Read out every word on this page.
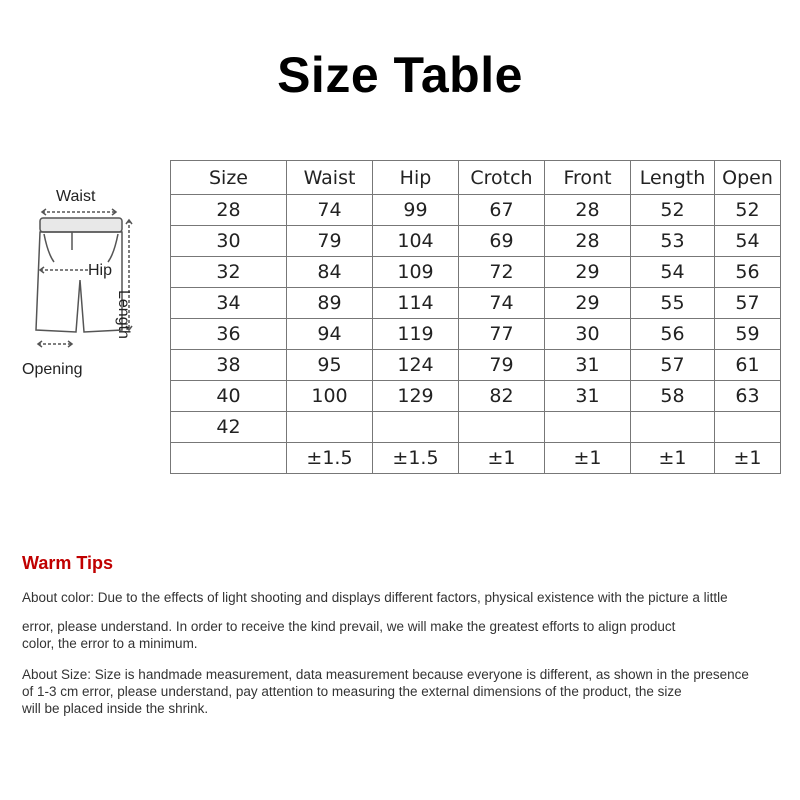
Size Table
Waist
Hip
Length
Opening
Size	Waist	Hip	Crotch	Front	Length	Open
28	74	99	67	28	52	52
30	79	104	69	28	53	54
32	84	109	72	29	54	56
34	89	114	74	29	55	57
36	94	119	77	30	56	59
38	95	124	79	31	57	61
40	100	129	82	31	58	63
42						
	±1.5	±1.5	±1	±1	±1	±1
Warm Tips
About color: Due to the effects of light shooting and displays different factors, physical existence with the picture a little
error, please understand. In order to receive the kind prevail, we will make the greatest efforts to align product
color, the error to a minimum.
About Size: Size is handmade measurement, data measurement because everyone is different, as shown in the presence
of 1-3 cm error, please understand, pay attention to measuring the external dimensions of the product, the size
will be placed inside the shrink.
